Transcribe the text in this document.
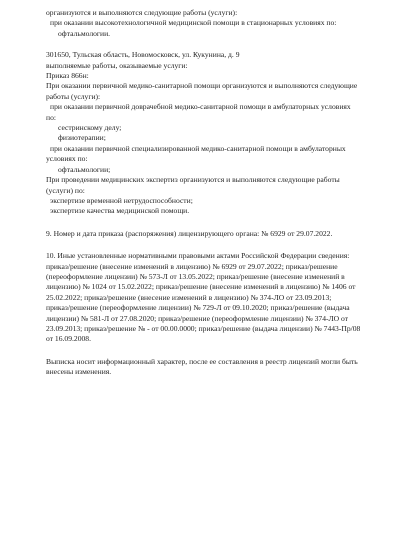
организуются и выполняются следующие работы (услуги):

при оказании высокотехнологичной медицинской помощи в стационарных условиях по:

офтальмологии.

301650, Тульская область, Новомосковск, ул. Кукунина, д. 9

выполняемые работы, оказываемые услуги:

Приказ 866н:

При оказании первичной медико-санитарной помощи организуются и выполняются следующие

работы (услуги):

при оказании первичной доврачебной медико-санитарной помощи в амбулаторных условиях

по:

сестринскому делу;

физиотерапии;

при оказании первичной специализированной медико-санитарной помощи в амбулаторных

условиях по:

офтальмологии;

При проведении медицинских экспертиз организуются и выполняются следующие работы

(услуги) по:

экспертизе временной нетрудоспособности;

экспертизе качества медицинской помощи.

9. Номер и дата приказа (распоряжения) лицензирующего органа: № 6929 от 29.07.2022.

10. Иные установленные нормативными правовыми актами Российской Федерации сведения:

приказ/решение (внесение изменений в лицензию) № 6929 от 29.07.2022; приказ/решение

(переоформление лицензии) № 573-Л от 13.05.2022; приказ/решение (внесение изменений в

лицензию) № 1024 от 15.02.2022; приказ/решение (внесение изменений в лицензию) № 1406 от

25.02.2022; приказ/решение (внесение изменений в лицензию) № 374-ЛО от 23.09.2013;

приказ/решение (переоформление лицензии) № 729-Л от 09.10.2020; приказ/решение (выдача

лицензии) № 581-Л от 27.08.2020; приказ/решение (переоформление лицензии) № 374-ЛО от

23.09.2013; приказ/решение № - от 00.00.0000; приказ/решение (выдача лицензии) № 7443-Пр/08

от 16.09.2008.

Выписка носит информационный характер, после ее составления в реестр лицензий могли быть

внесены изменения.
